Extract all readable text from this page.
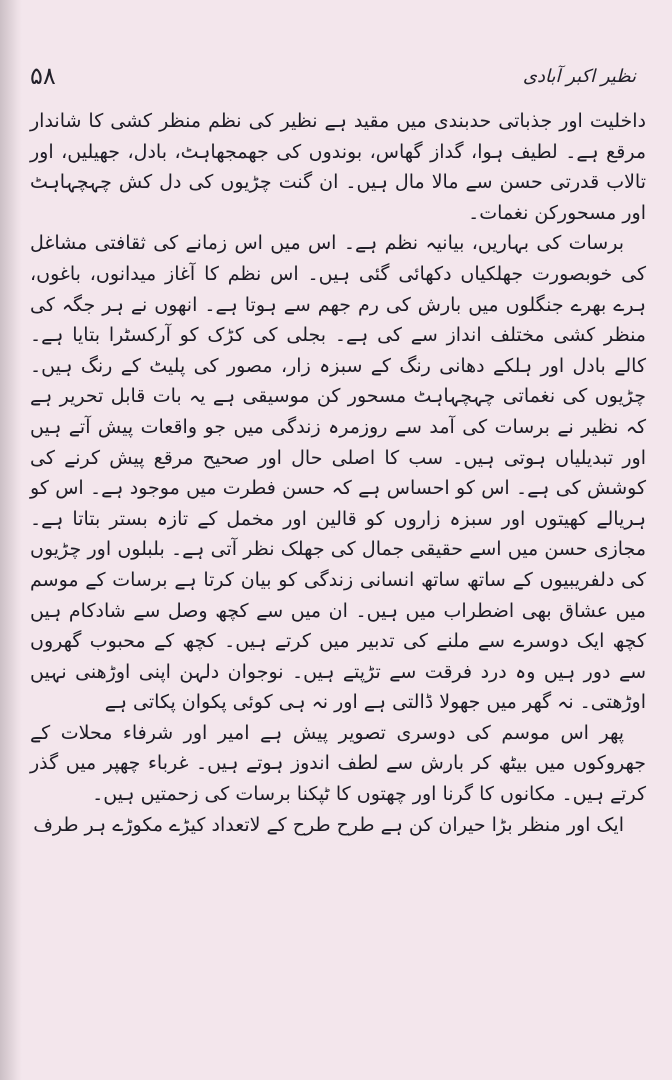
۵۸	نظیر اکبر آبادی

داخلیت اور جذباتی حدبندی میں مقید ہے نظیر کی نظم منظر کشی کا شاندار مرقع ہے۔ لطیف ہوا، گداز گھاس، بوندوں کی جھمجھاہٹ، بادل، جھیلیں، اور تالاب قدرتی حسن سے مالا مال ہیں۔ ان گنت چڑیوں کی دل کش چہچہاہٹ اور مسحورکن نغمات۔

برسات کی بہاریں، بیانیہ نظم ہے۔ اس میں اس زمانے کی ثقافتی مشاغل کی خوبصورت جھلکیاں دکھائی گئی ہیں۔ اس نظم کا آغاز میدانوں، باغوں، ہرے بھرے جنگلوں میں بارش کی رم جھم سے ہوتا ہے۔ انھوں نے ہر جگہ کی منظر کشی مختلف انداز سے کی ہے۔ بجلی کی کڑک کو آرکسٹرا بتایا ہے۔ کالے بادل اور ہلکے دھانی رنگ کے سبزہ زار، مصور کی پلیٹ کے رنگ ہیں۔ چڑیوں کی نغماتی چہچہاہٹ مسحور کن موسیقی ہے یہ بات قابل تحریر ہے کہ نظیر نے برسات کی آمد سے روزمرہ زندگی میں جو واقعات پیش آتے ہیں اور تبدیلیاں ہوتی ہیں۔ سب کا اصلی حال اور صحیح مرقع پیش کرنے کی کوشش کی ہے۔ اس کو احساس ہے کہ حسن فطرت میں موجود ہے۔ اس کو ہریالے کھیتوں اور سبزہ زاروں کو قالین اور مخمل کے تازہ بستر بتاتا ہے۔ مجازی حسن میں اسے حقیقی جمال کی جھلک نظر آتی ہے۔ بلبلوں اور چڑیوں کی دلفریبیوں کے ساتھ ساتھ انسانی زندگی کو بیان کرتا ہے برسات کے موسم میں عشاق بھی اضطراب میں ہیں۔ ان میں سے کچھ وصل سے شادکام ہیں کچھ ایک دوسرے سے ملنے کی تدبیر میں کرتے ہیں۔ کچھ کے محبوب گھروں سے دور ہیں وہ درد فرقت سے تڑپتے ہیں۔ نوجوان دلہن اپنی اوڑھنی نہیں اوڑھتی۔ نہ گھر میں جھولا ڈالتی ہے اور نہ ہی کوئی پکوان پکاتی ہے

پھر اس موسم کی دوسری تصویر پیش ہے امیر اور شرفاء محلات کے جھروکوں میں بیٹھ کر بارش سے لطف اندوز ہوتے ہیں۔ غرباء چھپر میں گذر کرتے ہیں۔ مکانوں کا گرنا اور چھتوں کا ٹپکنا برسات کی زحمتیں ہیں۔

ایک اور منظر بڑا حیران کن ہے طرح طرح کے لاتعداد کیڑے مکوڑے ہر طرف
